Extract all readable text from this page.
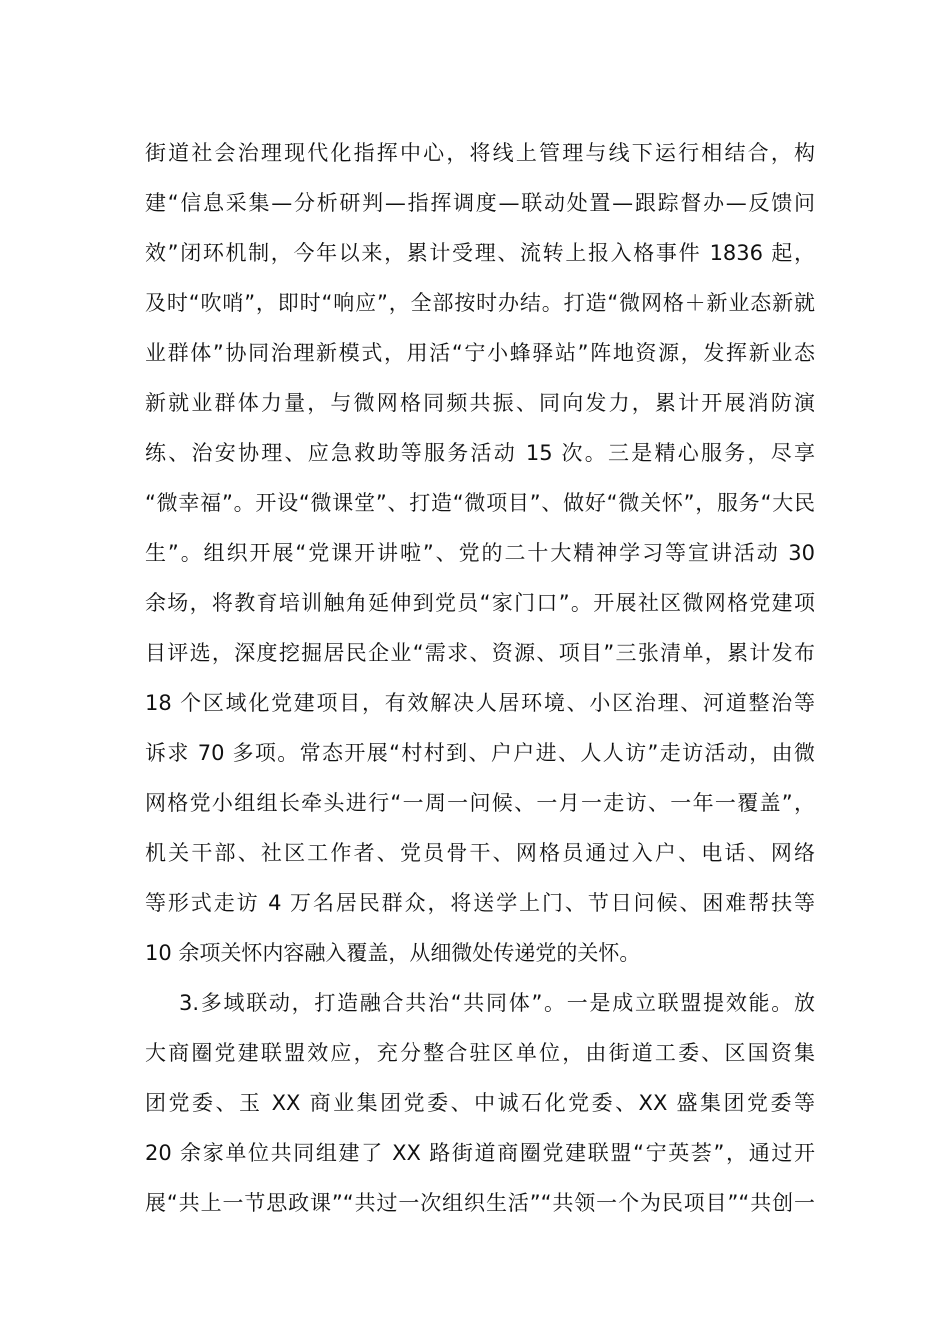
街道社会治理现代化指挥中心，将线上管理与线下运行相结合，构
建“信息采集—分析研判—指挥调度—联动处置—跟踪督办—反馈问
效”闭环机制，今年以来，累计受理、流转上报入格事件 1836 起，
及时“吹哨”，即时“响应”，全部按时办结。打造“微网格＋新业态新就
业群体”协同治理新模式，用活“宁小蜂驿站”阵地资源，发挥新业态
新就业群体力量，与微网格同频共振、同向发力，累计开展消防演
练、治安协理、应急救助等服务活动 15 次。三是精心服务，尽享
“微幸福”。开设“微课堂”、打造“微项目”、做好“微关怀”，服务“大民
生”。组织开展“党课开讲啦”、党的二十大精神学习等宣讲活动 30
余场，将教育培训触角延伸到党员“家门口”。开展社区微网格党建项
目评选，深度挖掘居民企业“需求、资源、项目”三张清单，累计发布
18 个区域化党建项目，有效解决人居环境、小区治理、河道整治等
诉求 70 多项。常态开展“村村到、户户进、人人访”走访活动，由微
网格党小组组长牵头进行“一周一问候、一月一走访、一年一覆盖”，
机关干部、社区工作者、党员骨干、网格员通过入户、电话、网络
等形式走访 4 万名居民群众，将送学上门、节日问候、困难帮扶等
10 余项关怀内容融入覆盖，从细微处传递党的关怀。
3.多域联动，打造融合共治“共同体”。一是成立联盟提效能。放
大商圈党建联盟效应，充分整合驻区单位，由街道工委、区国资集
团党委、玉 XX 商业集团党委、中诚石化党委、XX 盛集团党委等
20 余家单位共同组建了 XX 路街道商圈党建联盟“宁英荟”，通过开
展“共上一节思政课”“共过一次组织生活”“共领一个为民项目”“共创一
